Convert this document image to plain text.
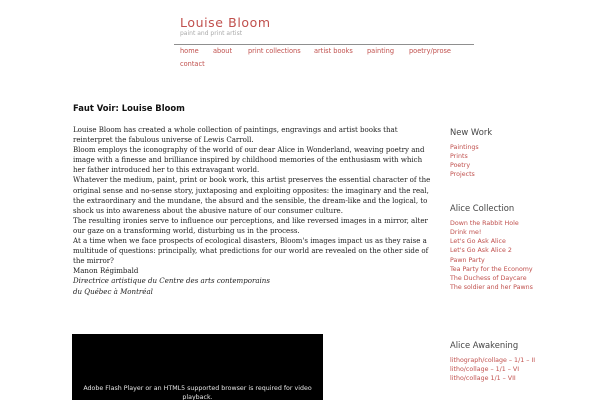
Louise Bloom
paint and print artist
home about print collections artist books painting poetry/prose
contact
Faut Voir: Louise Bloom

Louise Bloom has created a whole collection of paintings, engravings and artist books that reinterpret the fabulous universe of Lewis Carroll.

Bloom employs the iconography of the world of our dear Alice in Wonderland, weaving poetry and image with a finesse and brilliance inspired by childhood memories of the enthusiasm with which her father introduced her to this extravagant world.

Whatever the medium, paint, print or book work, this artist preserves the essential character of the original sense and no-sense story, juxtaposing and exploiting opposites: the imaginary and the real, the extraordinary and the mundane, the absurd and the sensible, the dream-like and the logical, to shock us into awareness about the abusive nature of our consumer culture.

The resulting ironies serve to influence our perceptions, and like reversed images in a mirror, alter our gaze on a transforming world, disturbing us in the process.

At a time when we face prospects of ecological disasters, Bloom's images impact us as they raise a multitude of questions: principally, what predictions for our world are revealed on the other side of the mirror?

Manon Régimbald

Directrice artistique du Centre des arts contemporains

du Québec à Montréal

Adobe Flash Player or an HTML5 supported browser is required for video playback.
New Work
Paintings
Prints
Poetry
Projects
Alice Collection
Down the Rabbit Hole
Drink me!
Let's Go Ask Alice
Let's Go Ask Alice 2
Pawn Party
Tea Party for the Economy
The Duchess of Daycare
The soldier and her Pawns
Alice Awakening
lithograph/collage – 1/1 – II
litho/collage – 1/1 – VI
litho/collage 1/1 – VII
